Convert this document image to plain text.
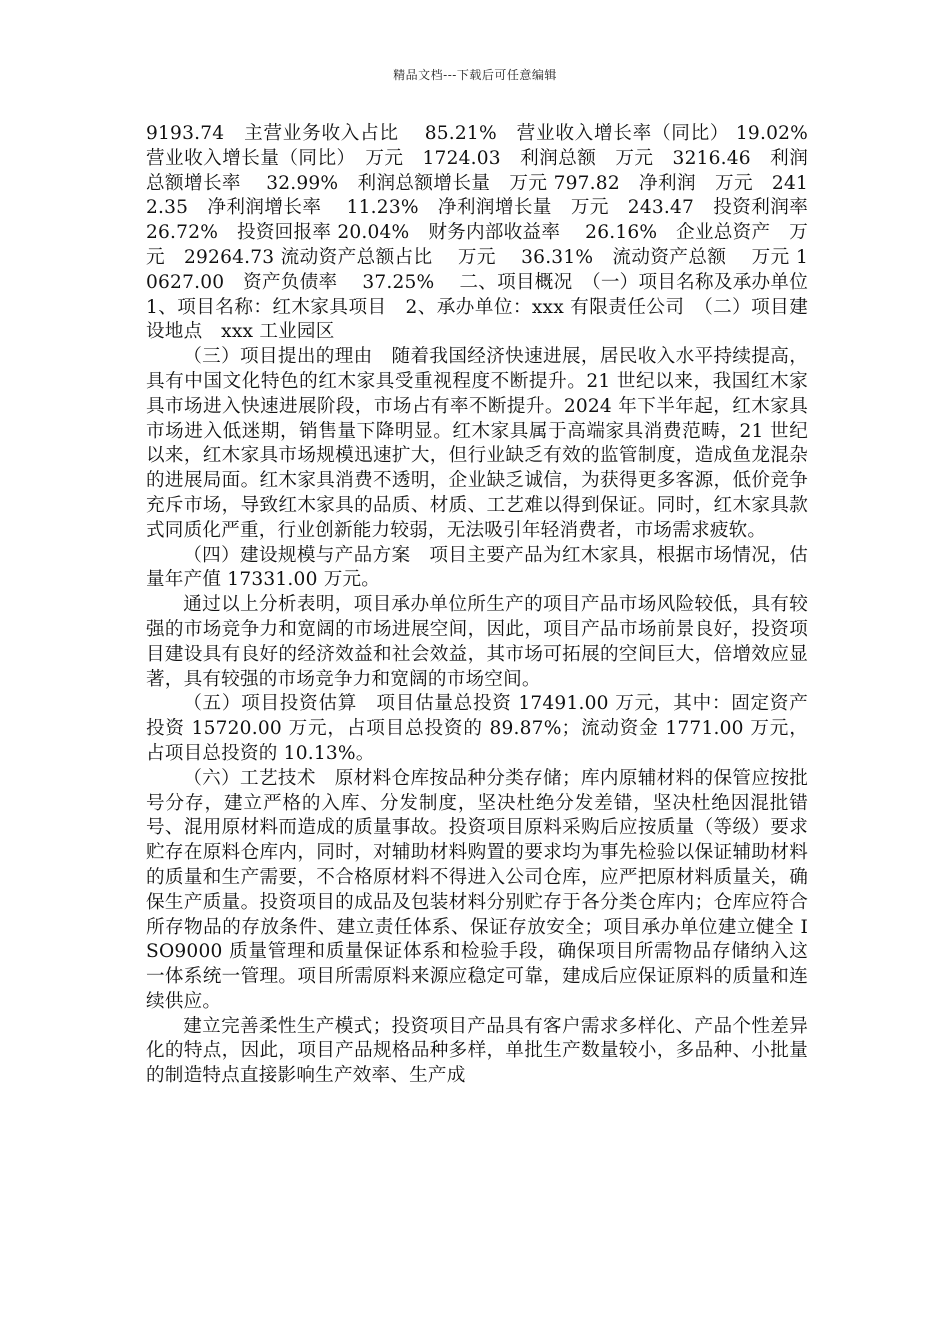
精品文档---下载后可任意编辑

9193.74　主营业务收入占比　 85.21%　营业收入增长率（同比） 19.02%　营业收入增长量（同比）　万元　1724.03　利润总额　万元　3216.46　利润总额增长率　 32.99%　利润总额增长量　万元 797.82　净利润　万元　2412.35　净利润增长率　 11.23%　净利润增长量　万元　243.47　投资利润率　 26.72%　投资回报率 20.04%　财务内部收益率　 26.16%　企业总资产　万元　29264.73 流动资产总额占比　 万元　 36.31%　流动资产总额　 万元 10627.00　资产负债率　 37.25%　 二、项目概况　（一）项目名称及承办单位　1、项目名称：红木家具项目　2、承办单位：xxx 有限责任公司　（二）项目建设地点　xxx 工业园区

（三）项目提出的理由　随着我国经济快速进展，居民收入水平持续提高，具有中国文化特色的红木家具受重视程度不断提升。21 世纪以来，我国红木家具市场进入快速进展阶段，市场占有率不断提升。2024 年下半年起，红木家具市场进入低迷期，销售量下降明显。红木家具属于高端家具消费范畴，21 世纪以来，红木家具市场规模迅速扩大，但行业缺乏有效的监管制度，造成鱼龙混杂的进展局面。红木家具消费不透明，企业缺乏诚信，为获得更多客源，低价竞争充斥市场，导致红木家具的品质、材质、工艺难以得到保证。同时，红木家具款式同质化严重，行业创新能力较弱，无法吸引年轻消费者，市场需求疲软。

（四）建设规模与产品方案　项目主要产品为红木家具，根据市场情况，估量年产值 17331.00 万元。

通过以上分析表明，项目承办单位所生产的项目产品市场风险较低，具有较强的市场竞争力和宽阔的市场进展空间，因此，项目产品市场前景良好，投资项目建设具有良好的经济效益和社会效益，其市场可拓展的空间巨大，倍增效应显著，具有较强的市场竞争力和宽阔的市场空间。

（五）项目投资估算　项目估量总投资 17491.00 万元，其中：固定资产投资 15720.00 万元，占项目总投资的 89.87%；流动资金 1771.00 万元，占项目总投资的 10.13%。

（六）工艺技术　原材料仓库按品种分类存储；库内原辅材料的保管应按批号分存，建立严格的入库、分发制度，坚决杜绝分发差错，坚决杜绝因混批错号、混用原材料而造成的质量事故。投资项目原料采购后应按质量（等级）要求贮存在原料仓库内，同时，对辅助材料购置的要求均为事先检验以保证辅助材料的质量和生产需要，不合格原材料不得进入公司仓库，应严把原材料质量关，确保生产质量。投资项目的成品及包装材料分别贮存于各分类仓库内；仓库应符合所存物品的存放条件、建立责任体系、保证存放安全；项目承办单位建立健全 ISO9000 质量管理和质量保证体系和检验手段，确保项目所需物品存储纳入这一体系统一管理。项目所需原料来源应稳定可靠，建成后应保证原料的质量和连续供应。

建立完善柔性生产模式；投资项目产品具有客户需求多样化、产品个性差异化的特点，因此，项目产品规格品种多样，单批生产数量较小，多品种、小批量的制造特点直接影响生产效率、生产成
